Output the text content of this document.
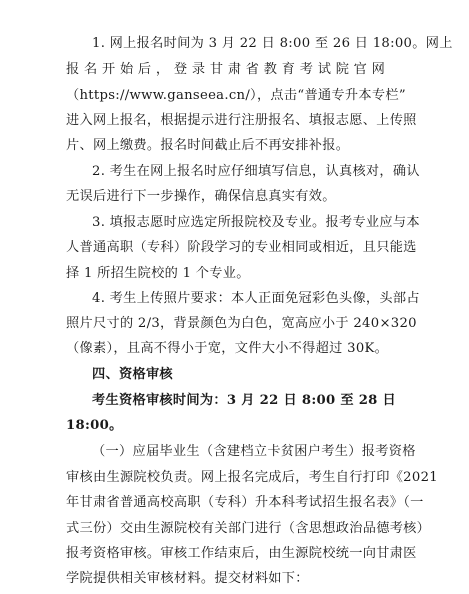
1. 网上报名时间为 3 月 22 日 8:00 至 26 日 18:00。网上
报 名 开 始 后 ， 登 录 甘 肃 省 教 育 考 试 院 官 网
（https://www.ganseea.cn/），点击“普通专升本专栏”
进入网上报名，根据提示进行注册报名、填报志愿、上传照
片、网上缴费。报名时间截止后不再安排补报。
2. 考生在网上报名时应仔细填写信息，认真核对，确认
无误后进行下一步操作，确保信息真实有效。
3. 填报志愿时应选定所报院校及专业。报考专业应与本
人普通高职（专科）阶段学习的专业相同或相近，且只能选
择 1 所招生院校的 1 个专业。
4. 考生上传照片要求：本人正面免冠彩色头像，头部占
照片尺寸的 2/3，背景颜色为白色，宽高应小于 240×320
（像素），且高不得小于宽，文件大小不得超过 30K。
四、资格审核
考生资格审核时间为：3 月 22 日 8:00 至 28 日
18:00。
（一）应届毕业生（含建档立卡贫困户考生）报考资格
审核由生源院校负责。网上报名完成后，考生自行打印《2021
年甘肃省普通高校高职（专科）升本科考试招生报名表》（一
式三份）交由生源院校有关部门进行（含思想政治品德考核）
报考资格审核。审核工作结束后，由生源院校统一向甘肃医
学院提供相关审核材料。提交材料如下：
